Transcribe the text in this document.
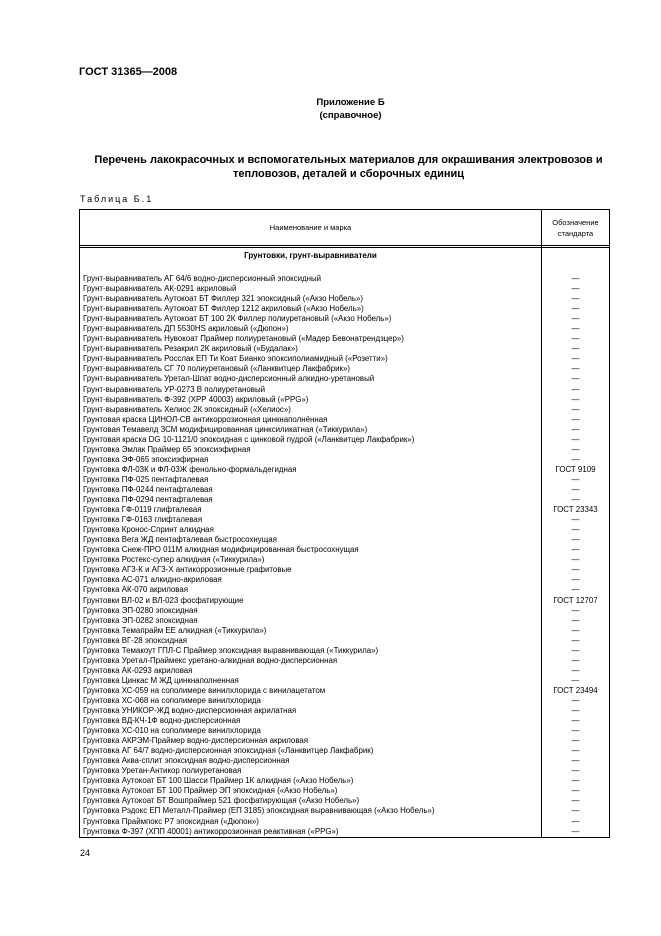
ГОСТ 31365—2008
Приложение Б
(справочное)
Перечень лакокрасочных и вспомогательных материалов для окрашивания электровозов и тепловозов, деталей и сборочных единиц
Таблица Б.1
Наименование и марка
Обозначение
стандарта
Грунтовки, грунт-выравниватели
Грунт-выравниватель АГ 64/6 водно-дисперсионный эпоксидный	—
Грунт-выравниватель АК-0291 акриловый	—
Грунт-выравниватель Аутокоат БТ Филлер 321 эпоксидный («Акзо Нобель»)	—
Грунт-выравниватель Аутокоат БТ Филлер 1212 акриловый («Акзо Нобель»)	—
Грунт-выравниватель Аутокоат БТ 100 2К Филлер полиуретановый («Акзо Нобель»)	—
Грунт-выравниватель ДП 5530HS акриловый («Дюпон»)	—
Грунт-выравниватель Нувокоат Праймер полиуретановый («Мадер Бевонатрендзцер»)	—
Грунт-выравниватель Резакрил 2К акриловый («Будалак»)	—
Грунт-выравниватель Росслак ЕП Ти Коат Бианко эпоксиполиамидный («Розетти»)	—
Грунт-выравниватель СГ 70 полиуретановый («Ланквитцер Лакфабрик»)	—
Грунт-выравниватель Уретал-Шпат водно-дисперсионный алкидно-уретановый	—
Грунт-выравниватель УР-0273 В полиуретановый	—
Грунт-выравниватель Ф-392 (ХРР 40003) акриловый («PPG»)	—
Грунт-выравниватель Хелиос 2К эпоксидный («Хелиос»)	—
Грунтовая краска ЦИНОЛ-СВ антикоррозионная цинкнаполнённая	—
Грунтовая Темавелд ЗСМ модифицированная цинксиликатная («Тиккурила»)	—
Грунтовая краска DG 10-1121/0 эпоксидная с цинковой пудрой («Ланквитцер Лакфабрик»)	—
Грунтовка Эмлак Праймер 65 эпоксиэфирная	—
Грунтовка ЭФ-065 эпоксиэфирная	—
Грунтовка ФЛ-03К и ФЛ-03Ж фенольно-формальдегидная	ГОСТ 9109
Грунтовка ПФ-025 пентафталевая	—
Грунтовка ПФ-0244 пентафталевая	—
Грунтовка ПФ-0294 пентафталевая	—
Грунтовка ГФ-0119 глифталевая	ГОСТ 23343
Грунтовка ГФ-0163 глифталевая	—
Грунтовка Кронос-Спринт алкидная	—
Грунтовка Вега ЖД пентафталевая быстросохнущая	—
Грунтовка Снеж-ПРО 011М алкидная модифицированная быстросохнущая	—
Грунтовка Ростекс-супер алкидная («Тиккурила»)	—
Грунтовка АГ3-К и АГ3-Х антикоррозионные графитовые	—
Грунтовка АС-071 алкидно-акриловая	—
Грунтовка АК-070 акриловая	—
Грунтовки ВЛ-02 и ВЛ-023 фосфатирующие	ГОСТ 12707
Грунтовка ЭП-0280 эпоксидная	—
Грунтовка ЭП-0282 эпоксидная	—
Грунтовка Темапрайм ЕЕ алкидная («Тиккурила»)	—
Грунтовка ВГ-28 эпоксидная	—
Грунтовка Темакоут ГПЛ-С Праймер эпоксидная выравнивающая («Тиккурила»)	—
Грунтовка Уретал-Праймекс уретано-алкидная водно-дисперсионная	—
Грунтовка АК-0293 акриловая	—
Грунтовка Цинкас М ЖД цинкнаполненная	—
Грунтовка ХС-059 на сополимере винилхлорида с винилацетатом	ГОСТ 23494
Грунтовка ХС-068 на сополимере винилхлорида	—
Грунтовка УНИКОР-ЖД водно-дисперсионная акрилатная	—
Грунтовка ВД-КЧ-1Ф водно-дисперсионная	—
Грунтовка ХС-010 на сополимере винилхлорида	—
Грунтовка АКРЭМ-Праймер водно-дисперсионная акриловая	—
Грунтовка АГ 64/7 водно-дисперсионная эпоксидная («Ланквитцер Лакфабрик)	—
Грунтовка Аква-сплит эпоксидная водно-дисперсионная	—
Грунтовка Уретан-Антикор полиуретановая	—
Грунтовка Аутокоат БТ 100 Шасси Праймер 1К алкидная («Акзо Нобель»)	—
Грунтовка Аутокоат БТ 100 Праймер ЭП эпоксидная («Акзо Нобель»)	—
Грунтовка Аутокоат БТ Вошпраймер 521 фосфатирующая («Акзо Нобель»)	—
Грунтовка Рэдокс ЕП Металл-Праймер (ЕП 3185) эпоксидная выравнивающая («Акзо Нобель»)	—
Грунтовка Праймпокс Р7 эпоксидная («Дюпон»)	—
Грунтовка Ф-397 (ХПП 40001) антикоррозионная реактивная («PPG»)	—
24
